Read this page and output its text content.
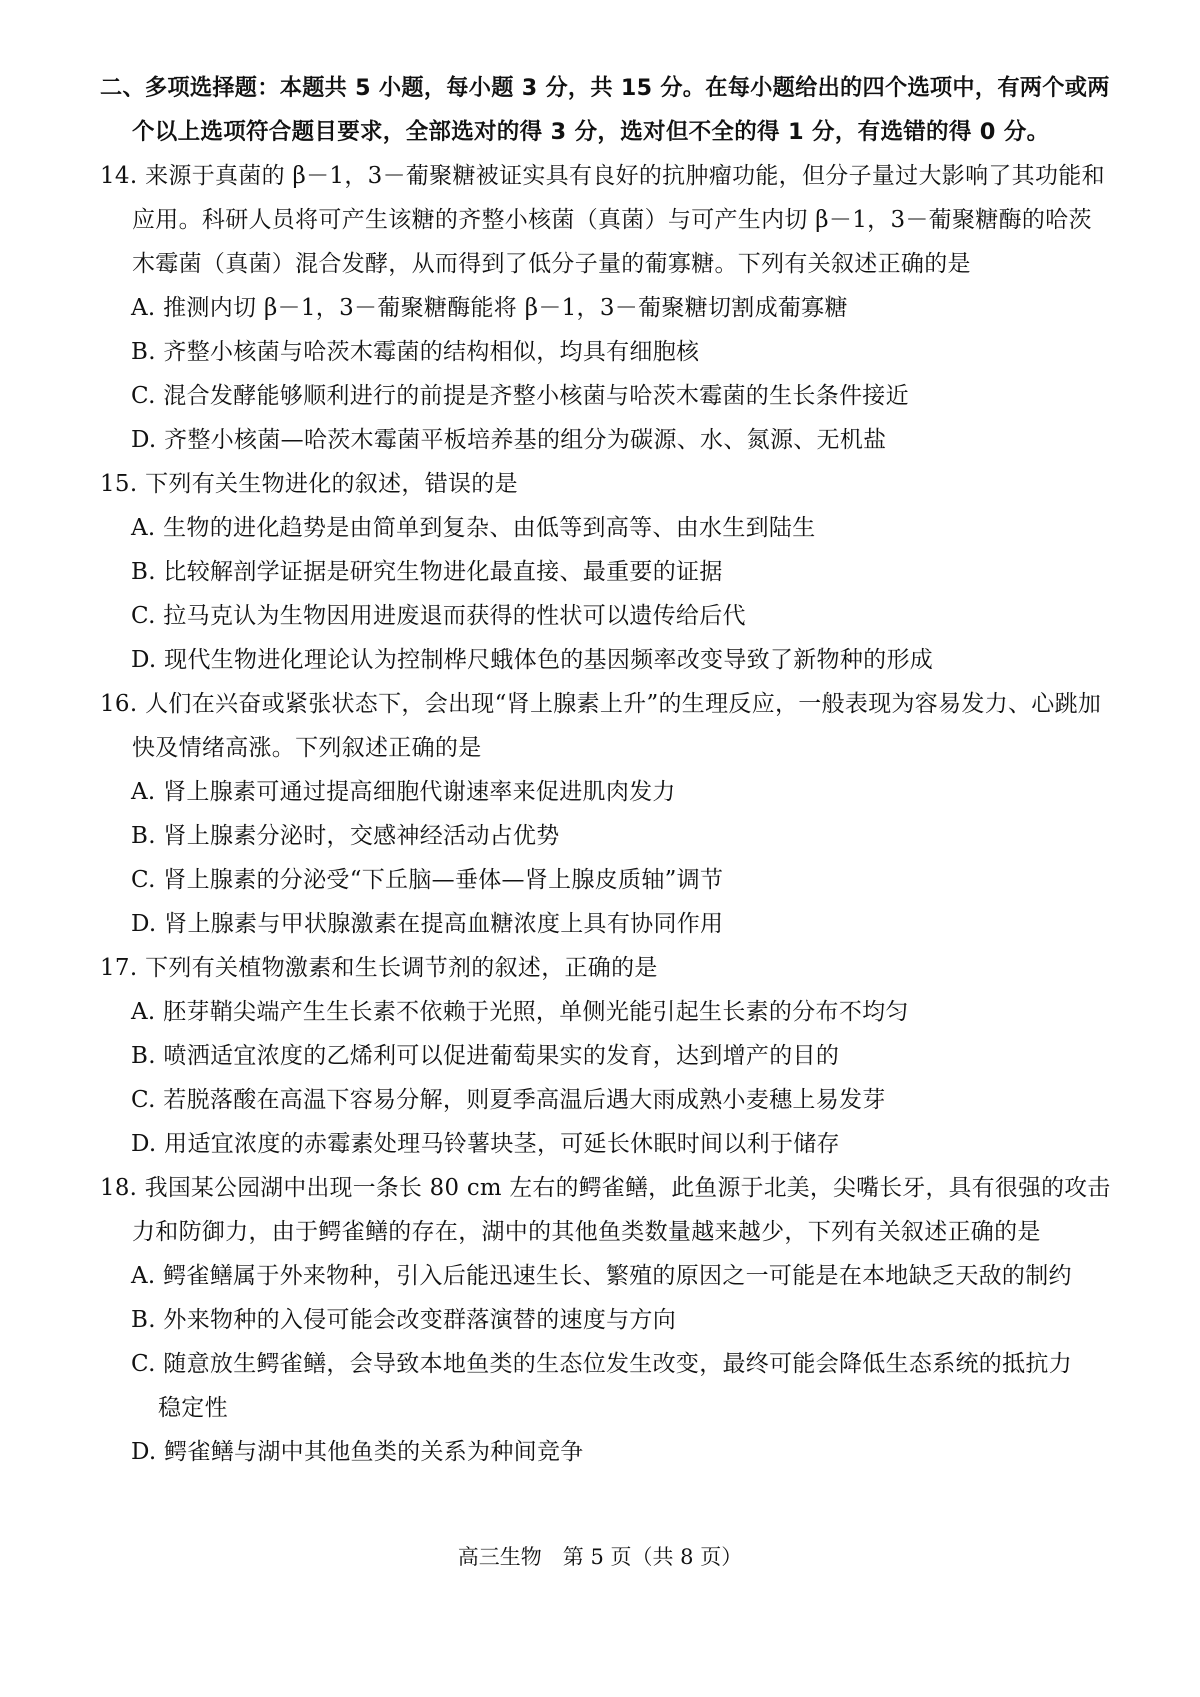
二、多项选择题：本题共 5 小题，每小题 3 分，共 15 分。在每小题给出的四个选项中，有两个或两
个以上选项符合题目要求，全部选对的得 3 分，选对但不全的得 1 分，有选错的得 0 分。
14. 来源于真菌的 β－1，3－葡聚糖被证实具有良好的抗肿瘤功能，但分子量过大影响了其功能和
应用。科研人员将可产生该糖的齐整小核菌（真菌）与可产生内切 β－1，3－葡聚糖酶的哈茨
木霉菌（真菌）混合发酵，从而得到了低分子量的葡寡糖。下列有关叙述正确的是
A. 推测内切 β－1，3－葡聚糖酶能将 β－1，3－葡聚糖切割成葡寡糖
B. 齐整小核菌与哈茨木霉菌的结构相似，均具有细胞核
C. 混合发酵能够顺利进行的前提是齐整小核菌与哈茨木霉菌的生长条件接近
D. 齐整小核菌—哈茨木霉菌平板培养基的组分为碳源、水、氮源、无机盐
15. 下列有关生物进化的叙述，错误的是
A. 生物的进化趋势是由简单到复杂、由低等到高等、由水生到陆生
B. 比较解剖学证据是研究生物进化最直接、最重要的证据
C. 拉马克认为生物因用进废退而获得的性状可以遗传给后代
D. 现代生物进化理论认为控制桦尺蛾体色的基因频率改变导致了新物种的形成
16. 人们在兴奋或紧张状态下，会出现“肾上腺素上升”的生理反应，一般表现为容易发力、心跳加
快及情绪高涨。下列叙述正确的是
A. 肾上腺素可通过提高细胞代谢速率来促进肌肉发力
B. 肾上腺素分泌时，交感神经活动占优势
C. 肾上腺素的分泌受“下丘脑—垂体—肾上腺皮质轴”调节
D. 肾上腺素与甲状腺激素在提高血糖浓度上具有协同作用
17. 下列有关植物激素和生长调节剂的叙述，正确的是
A. 胚芽鞘尖端产生生长素不依赖于光照，单侧光能引起生长素的分布不均匀
B. 喷洒适宜浓度的乙烯利可以促进葡萄果实的发育，达到增产的目的
C. 若脱落酸在高温下容易分解，则夏季高温后遇大雨成熟小麦穗上易发芽
D. 用适宜浓度的赤霉素处理马铃薯块茎，可延长休眠时间以利于储存
18. 我国某公园湖中出现一条长 80 cm 左右的鳄雀鳝，此鱼源于北美，尖嘴长牙，具有很强的攻击
力和防御力，由于鳄雀鳝的存在，湖中的其他鱼类数量越来越少，下列有关叙述正确的是
A. 鳄雀鳝属于外来物种，引入后能迅速生长、繁殖的原因之一可能是在本地缺乏天敌的制约
B. 外来物种的入侵可能会改变群落演替的速度与方向
C. 随意放生鳄雀鳝，会导致本地鱼类的生态位发生改变，最终可能会降低生态系统的抵抗力
稳定性
D. 鳄雀鳝与湖中其他鱼类的关系为种间竞争
高三生物　第 5 页（共 8 页）
